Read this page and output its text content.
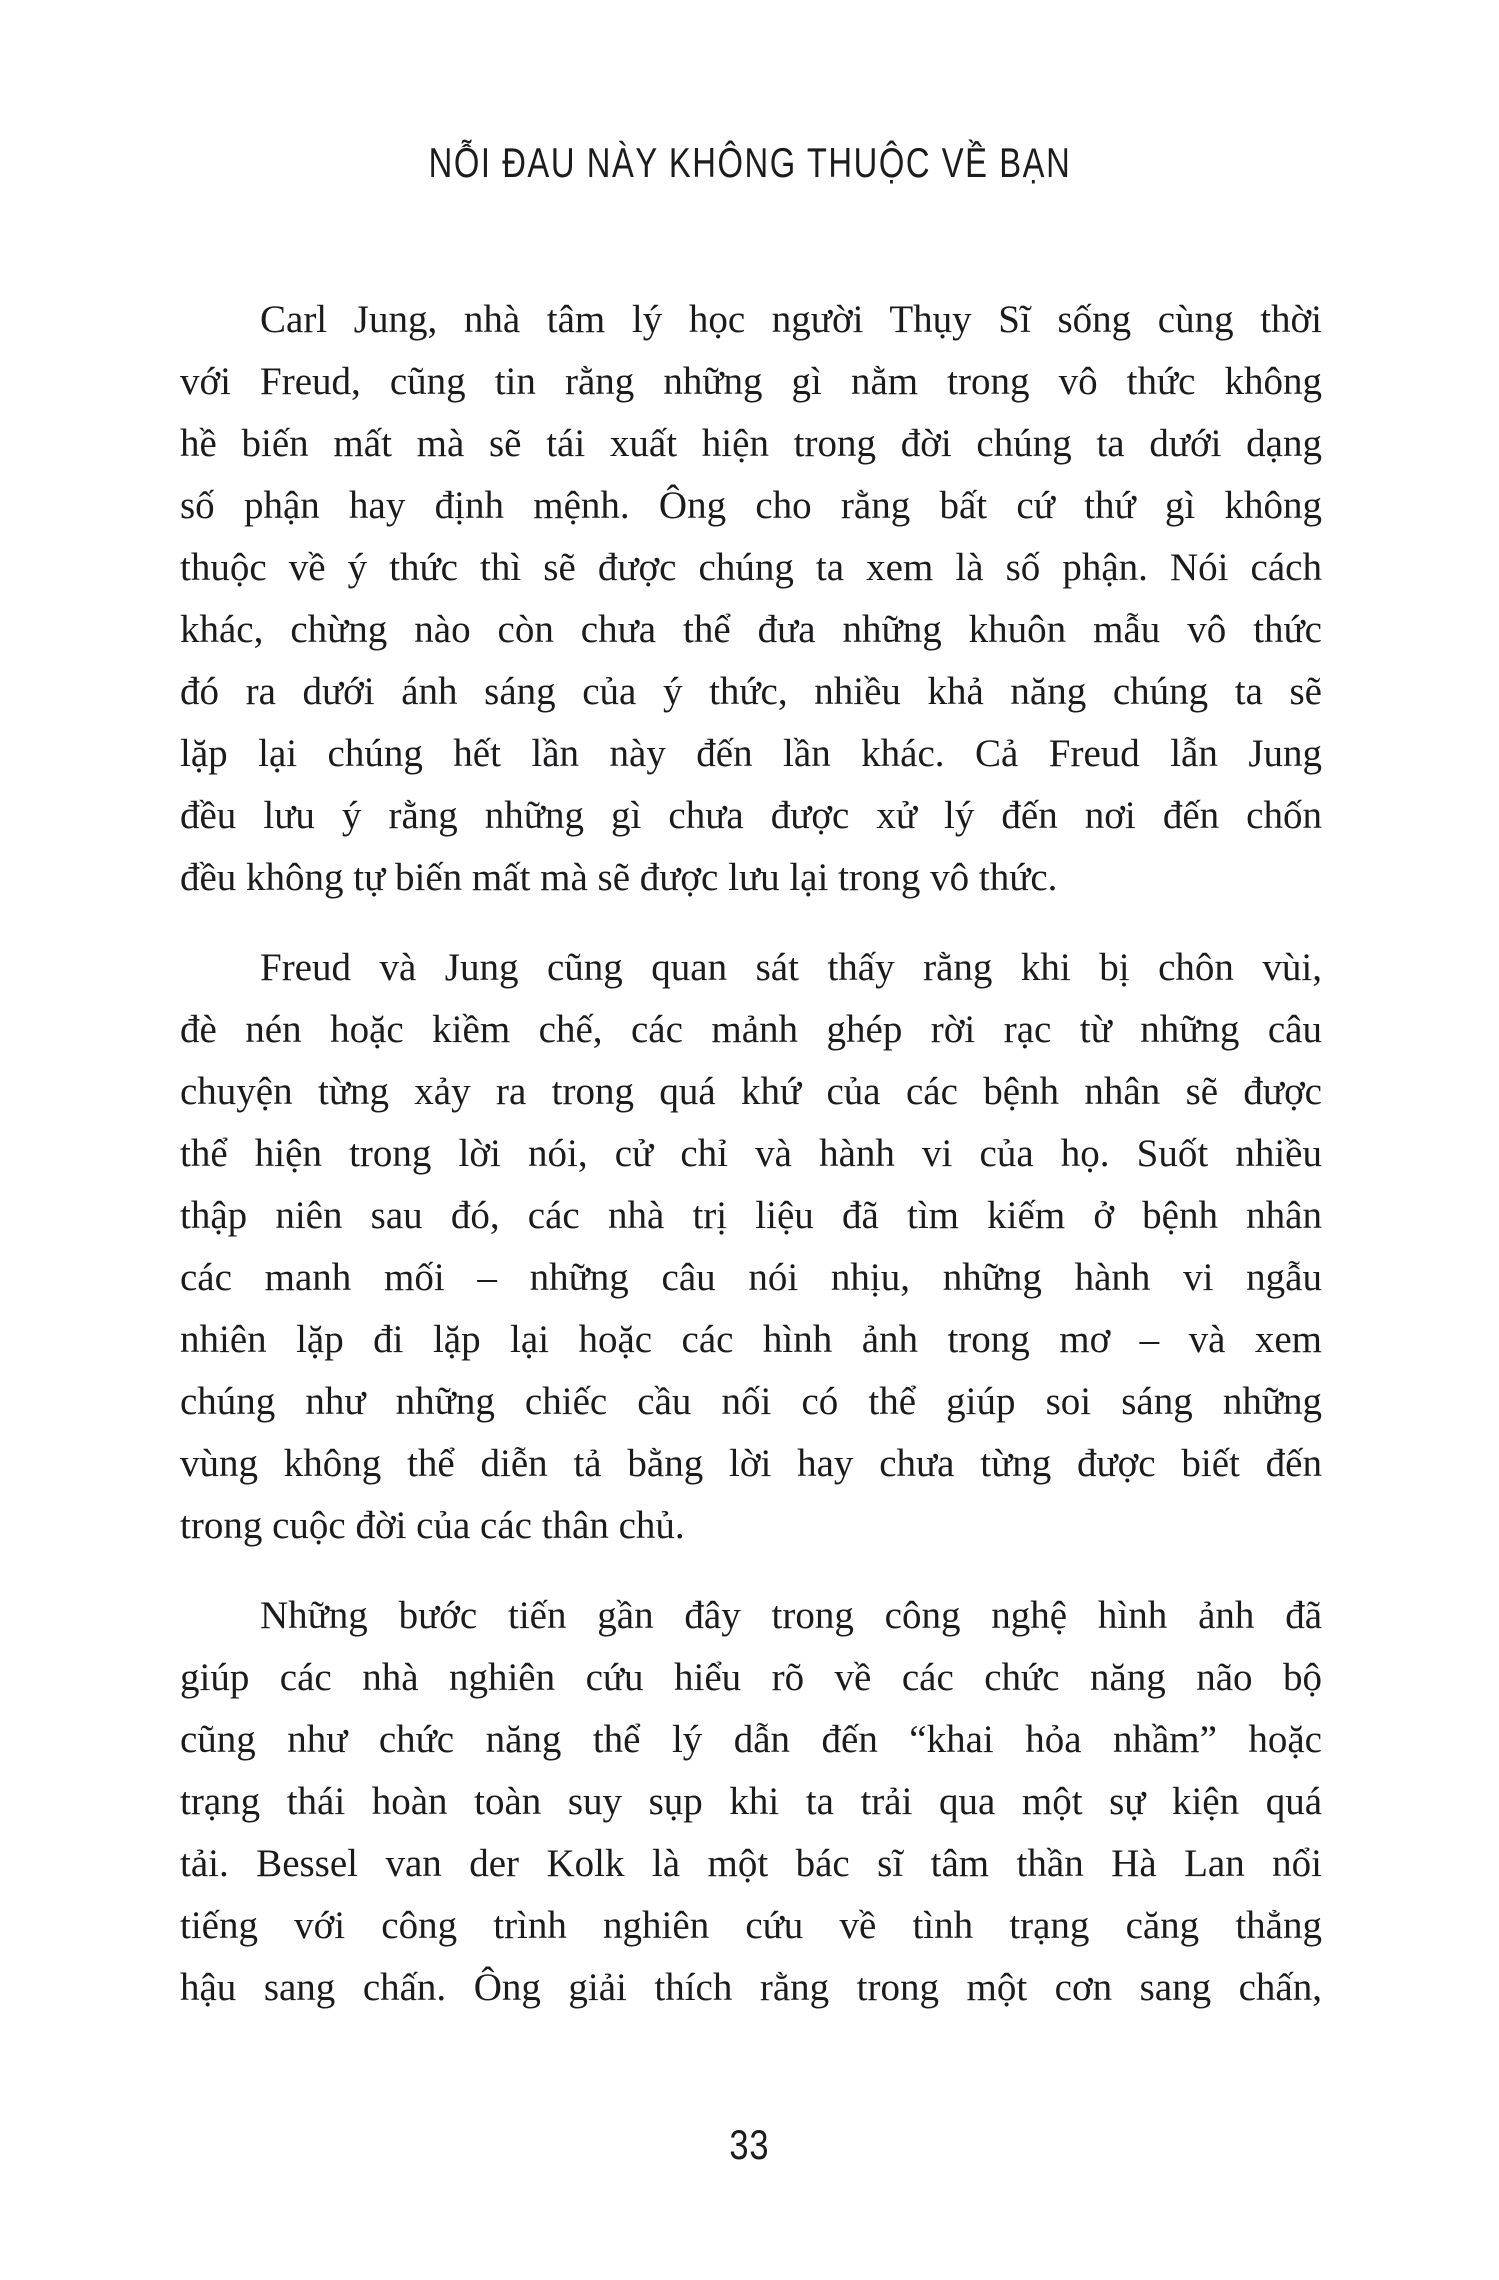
NỖI ĐAU NÀY KHÔNG THUỘC VỀ BẠN
Carl Jung, nhà tâm lý học người Thụy Sĩ sống cùng thời
với Freud, cũng tin rằng những gì nằm trong vô thức không
hề biến mất mà sẽ tái xuất hiện trong đời chúng ta dưới dạng
số phận hay định mệnh. Ông cho rằng bất cứ thứ gì không
thuộc về ý thức thì sẽ được chúng ta xem là số phận. Nói cách
khác, chừng nào còn chưa thể đưa những khuôn mẫu vô thức
đó ra dưới ánh sáng của ý thức, nhiều khả năng chúng ta sẽ
lặp lại chúng hết lần này đến lần khác. Cả Freud lẫn Jung
đều lưu ý rằng những gì chưa được xử lý đến nơi đến chốn
đều không tự biến mất mà sẽ được lưu lại trong vô thức.
Freud và Jung cũng quan sát thấy rằng khi bị chôn vùi,
đè nén hoặc kiềm chế, các mảnh ghép rời rạc từ những câu
chuyện từng xảy ra trong quá khứ của các bệnh nhân sẽ được
thể hiện trong lời nói, cử chỉ và hành vi của họ. Suốt nhiều
thập niên sau đó, các nhà trị liệu đã tìm kiếm ở bệnh nhân
các manh mối – những câu nói nhịu, những hành vi ngẫu
nhiên lặp đi lặp lại hoặc các hình ảnh trong mơ – và xem
chúng như những chiếc cầu nối có thể giúp soi sáng những
vùng không thể diễn tả bằng lời hay chưa từng được biết đến
trong cuộc đời của các thân chủ.
Những bước tiến gần đây trong công nghệ hình ảnh đã
giúp các nhà nghiên cứu hiểu rõ về các chức năng não bộ
cũng như chức năng thể lý dẫn đến “khai hỏa nhầm” hoặc
trạng thái hoàn toàn suy sụp khi ta trải qua một sự kiện quá
tải. Bessel van der Kolk là một bác sĩ tâm thần Hà Lan nổi
tiếng với công trình nghiên cứu về tình trạng căng thẳng
hậu sang chấn. Ông giải thích rằng trong một cơn sang chấn,
33
